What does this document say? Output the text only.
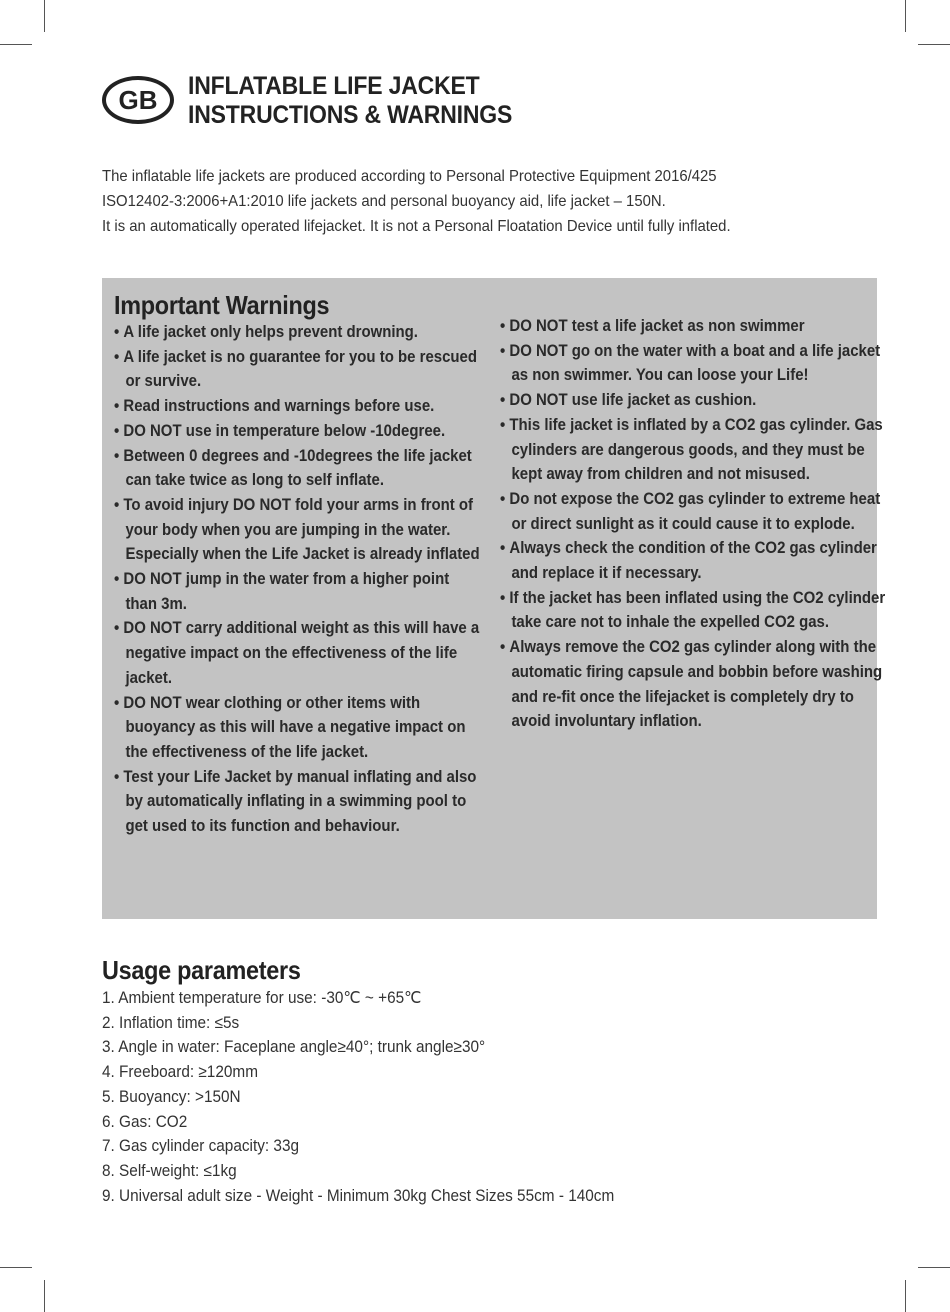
GB	INFLATABLE LIFE JACKET
INSTRUCTIONS & WARNINGS

The inflatable life jackets are produced according to Personal Protective Equipment 2016/425
ISO12402-3:2006+A1:2010 life jackets and personal buoyancy aid, life jacket – 150N.
It is an automatically operated lifejacket. It is not a Personal Floatation Device until fully inflated.

Important Warnings
• A life jacket only helps prevent drowning.
• A life jacket is no guarantee for you to be rescued or survive.
• Read instructions and warnings before use.
• DO NOT use in temperature below -10degree.
• Between 0 degrees and -10degrees the life jacket can take twice as long to self inflate.
• To avoid injury DO NOT fold your arms in front of your body when you are jumping in the water. Especially when the Life Jacket is already inflated
• DO NOT jump in the water from a higher point than 3m.
• DO NOT carry additional weight as this will have a negative impact on the effectiveness of the life jacket.
• DO NOT wear clothing or other items with buoyancy as this will have a negative impact on the effectiveness of the life jacket.
• Test your Life Jacket by manual inflating and also by automatically inflating in a swimming pool to get used to its function and behaviour.
• DO NOT test a life jacket as non swimmer
• DO NOT go on the water with a boat and a life jacket as non swimmer. You can loose your Life!
• DO NOT use life jacket as cushion.
• This life jacket is inflated by a CO2 gas cylinder. Gas cylinders are dangerous goods, and they must be kept away from children and not misused.
• Do not expose the CO2 gas cylinder to extreme heat or direct sunlight as it could cause it to explode.
• Always check the condition of the CO2 gas cylinder and replace it if necessary.
• If the jacket has been inflated using the CO2 cylinder take care not to inhale the expelled CO2 gas.
• Always remove the CO2 gas cylinder along with the automatic firing capsule and bobbin before washing and re-fit once the lifejacket is completely dry to avoid involuntary inflation.
Usage parameters
1. Ambient temperature for use: -30℃ ~ +65℃
2. Inflation time: ≤5s
3. Angle in water: Faceplane angle≥40°; trunk angle≥30°
4. Freeboard: ≥120mm
5. Buoyancy: >150N
6. Gas: CO2
7. Gas cylinder capacity: 33g
8. Self-weight: ≤1kg
9. Universal adult size - Weight - Minimum 30kg Chest Sizes 55cm - 140cm
